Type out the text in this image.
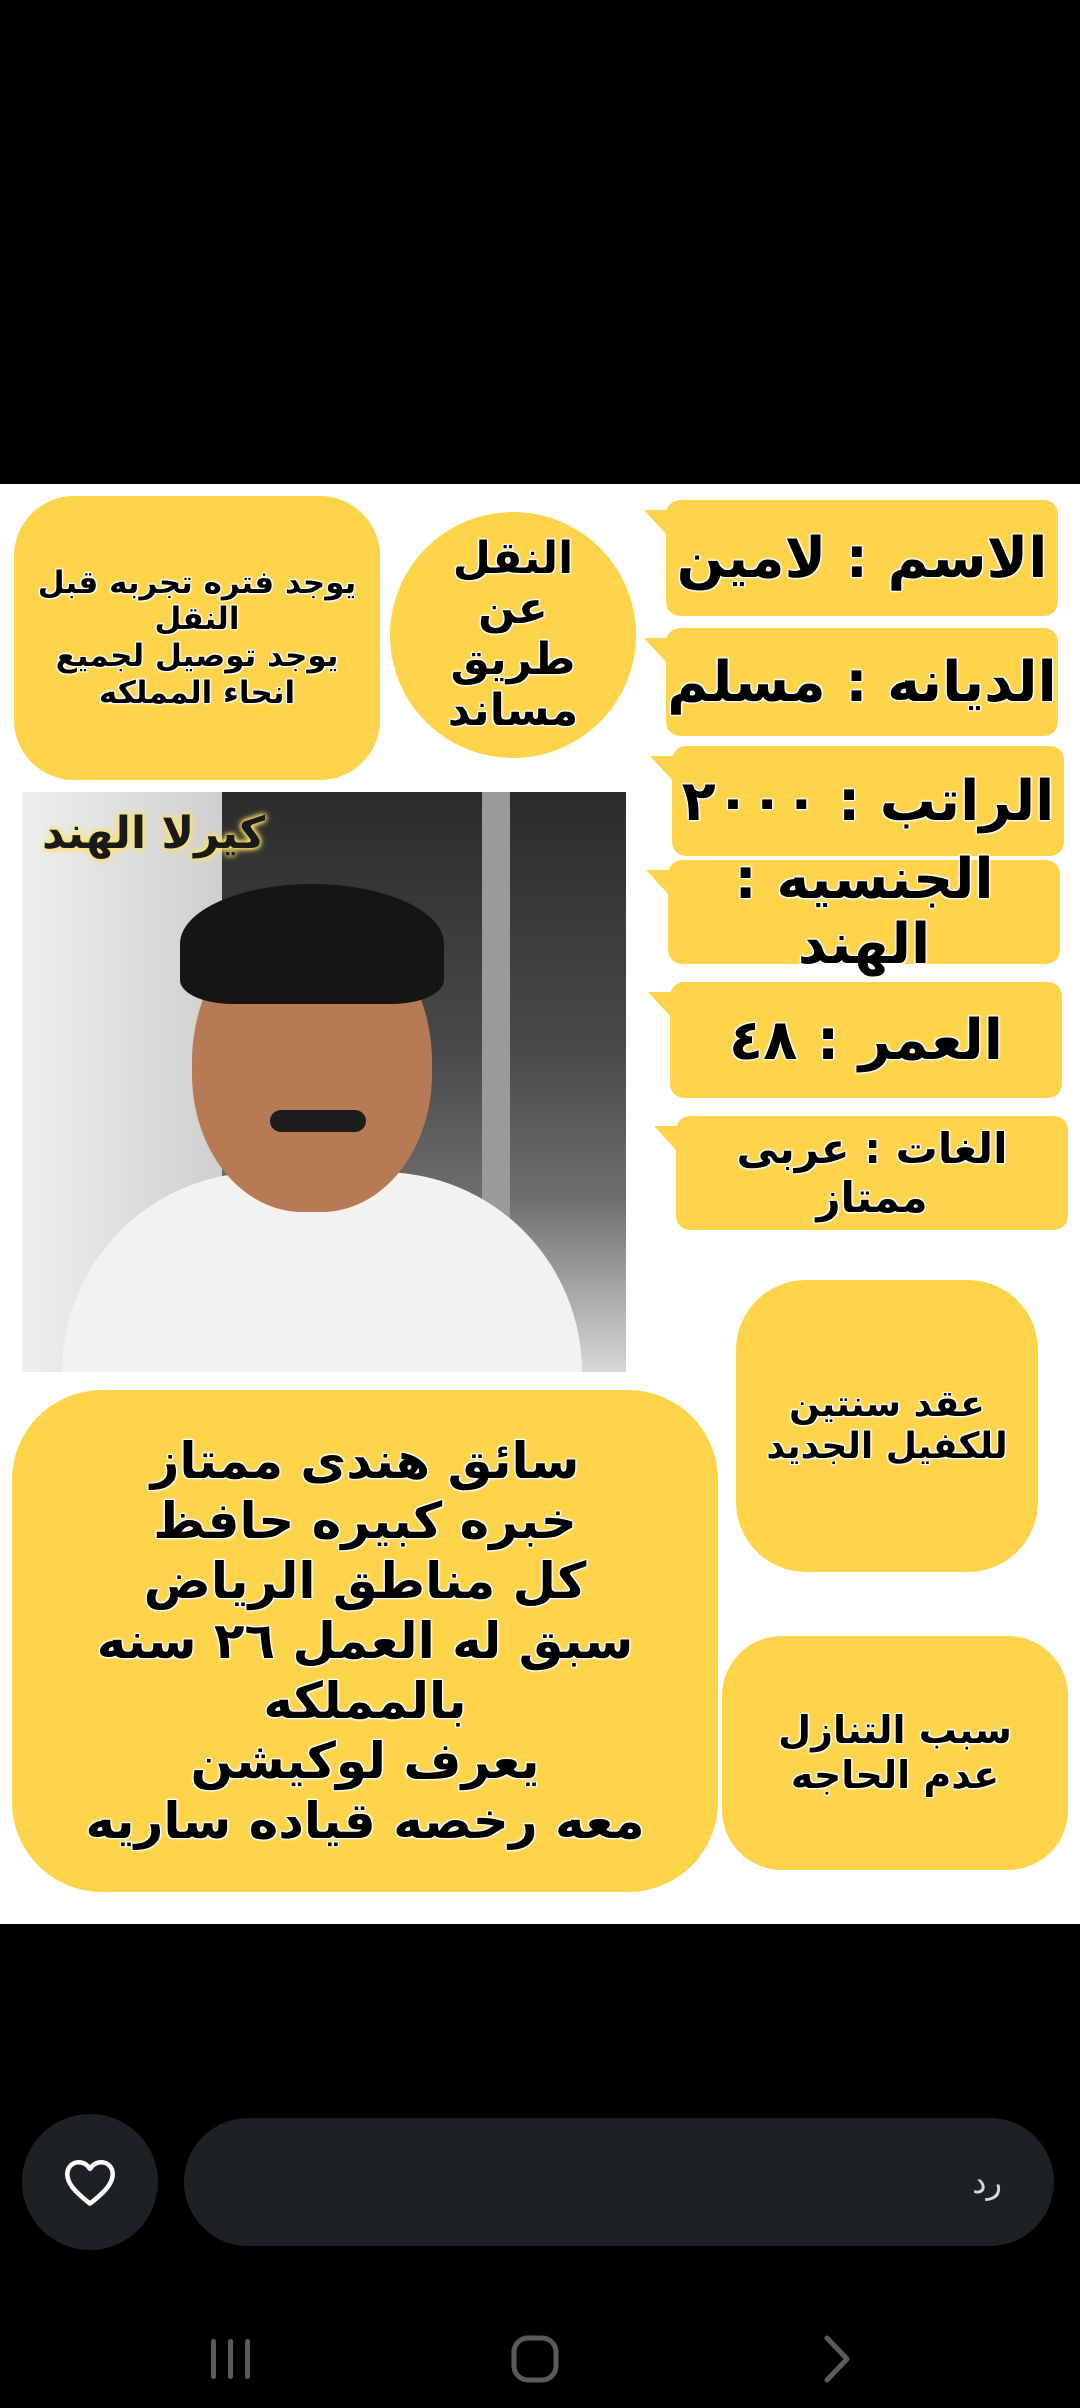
يوجد فتره تجربه قبل النقل
يوجد توصيل لجميع
انحاء المملكه
النقل عن طريق مساند
الاسم : لامين
الديانه : مسلم
الراتب : ٢٠٠٠
الجنسيه : الهند
العمر : ٤٨
الغات : عربى ممتاز
كيرلا الهند
عقد سنتين
للكفيل الجديد
سائق هندى ممتاز
خبره كبيره حافظ
كل مناطق الرياض
سبق له العمل ٢٦ سنه بالمملكه
يعرف لوكيشن
معه رخصه قياده ساريه
سبب التنازل
عدم الحاجه
رد
